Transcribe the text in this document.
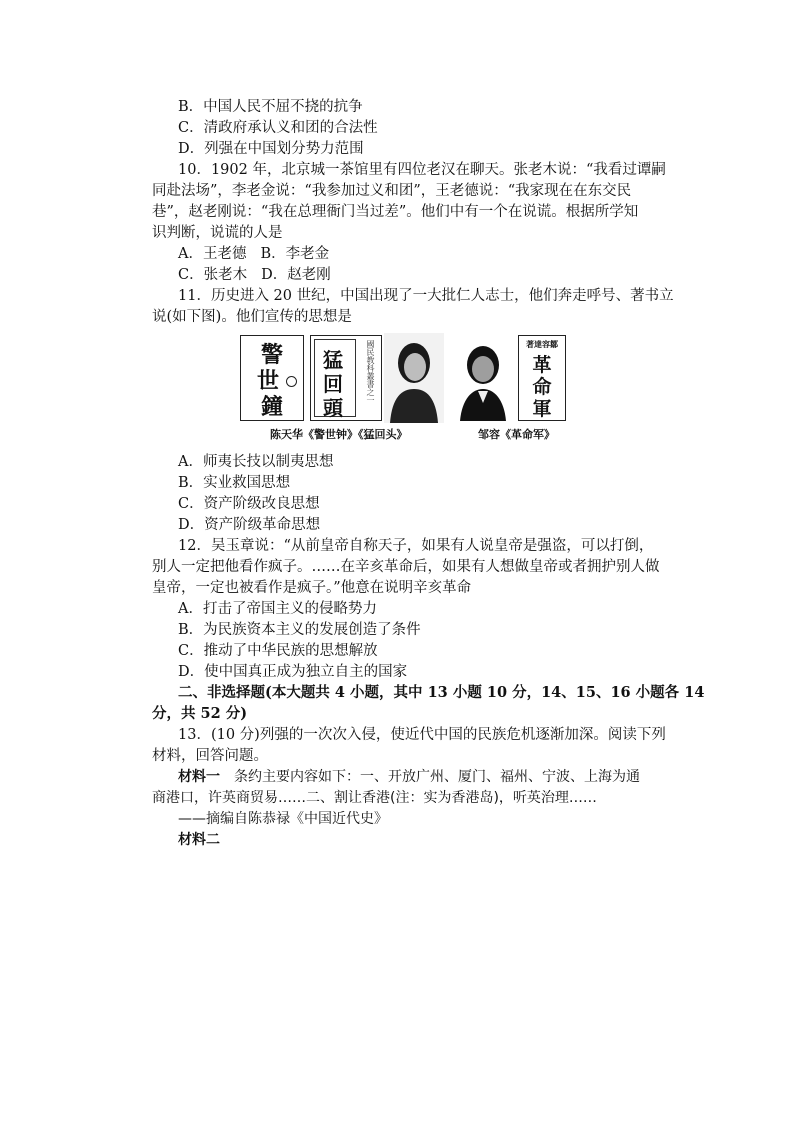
B．中国人民不屈不挠的抗争
C．清政府承认义和团的合法性
D．列强在中国划分势力范围
10．1902 年，北京城一茶馆里有四位老汉在聊天。张老木说：“我看过谭嗣
同赴法场”，李老金说：“我参加过义和团”，王老德说：“我家现在在东交民
巷”，赵老刚说：“我在总理衙门当过差”。他们中有一个在说谎。根据所学知
识判断，说谎的人是
A．王老德 B．李老金
C．张老木 D．赵老刚
11．历史进入 20 世纪，中国出现了一大批仁人志士，他们奔走呼号、著书立
说(如下图)。他们宣传的思想是
警
世
鐘
猛
回
頭
國民教科叢書之一	著達容鄒
革
命
軍
陈天华《警世钟》《猛回头》	邹容《革命军》
A．师夷长技以制夷思想
B．实业救国思想
C．资产阶级改良思想
D．资产阶级革命思想
12．吴玉章说：“从前皇帝自称天子，如果有人说皇帝是强盗，可以打倒，
别人一定把他看作疯子。……在辛亥革命后，如果有人想做皇帝或者拥护别人做
皇帝，一定也被看作是疯子。”他意在说明辛亥革命
A．打击了帝国主义的侵略势力
B．为民族资本主义的发展创造了条件
C．推动了中华民族的思想解放
D．使中国真正成为独立自主的国家
二、非选择题(本大题共 4 小题，其中 13 小题 10 分，14、15、16 小题各 14
分，共 52 分)
13．(10 分)列强的一次次入侵，使近代中国的民族危机逐渐加深。阅读下列
材料，回答问题。
材料一　条约主要内容如下：一、开放广州、厦门、福州、宁波、上海为通
商港口，许英商贸易……二、割让香港(注：实为香港岛)，听英治理……
——摘编自陈恭禄《中国近代史》
材料二
